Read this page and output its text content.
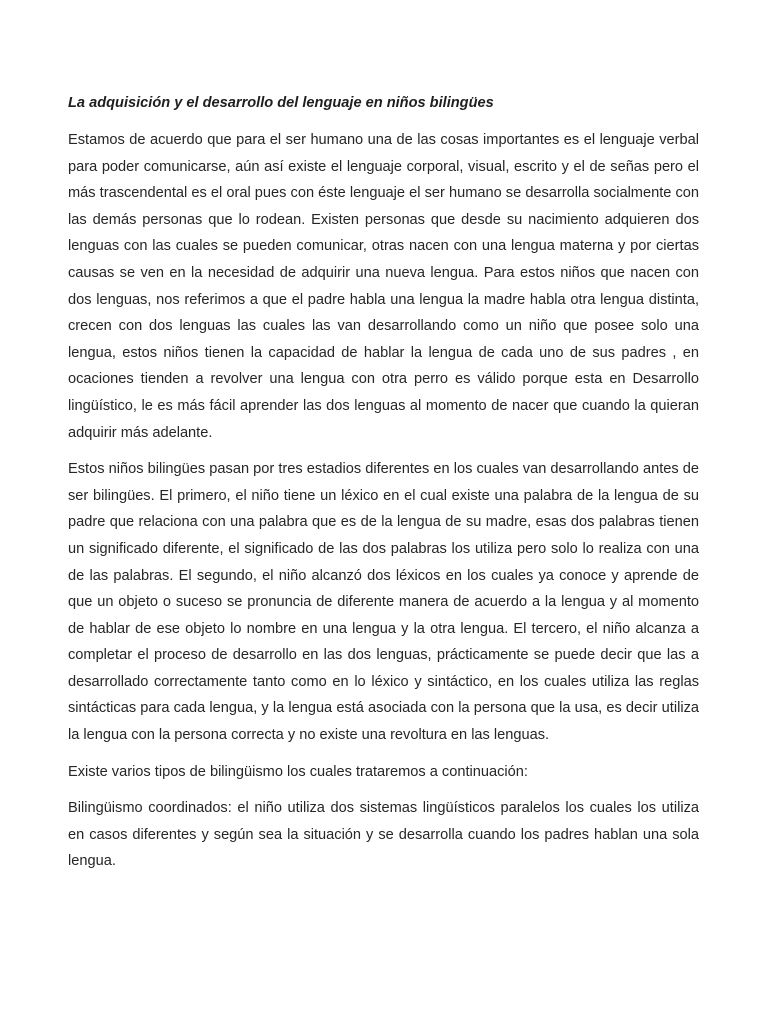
La adquisición y el desarrollo del lenguaje en niños bilingües

Estamos de acuerdo que para el ser humano una de las cosas importantes es el lenguaje verbal para poder comunicarse, aún así existe el lenguaje corporal, visual, escrito y el de señas pero el más trascendental es el oral pues con éste lenguaje el ser humano se desarrolla socialmente con las demás personas que lo rodean. Existen personas que desde su nacimiento adquieren dos lenguas con las cuales se pueden comunicar, otras nacen con una lengua materna y por ciertas causas se ven en la necesidad de adquirir una nueva lengua. Para estos niños que nacen con dos lenguas, nos referimos a que el padre habla una lengua la madre habla otra lengua distinta, crecen con dos lenguas las cuales las van desarrollando como un niño que posee solo una lengua, estos niños tienen la capacidad de hablar la lengua de cada uno de sus padres , en ocaciones tienden a revolver una lengua con otra perro es válido porque esta en Desarrollo lingüístico, le es más fácil aprender las dos lenguas al momento de nacer que cuando la quieran adquirir más adelante.

Estos niños bilingües pasan por tres estadios diferentes en los cuales van desarrollando antes de ser bilingües. El primero, el niño tiene un léxico en el cual existe una palabra de la lengua de su padre que relaciona con una palabra que es de la lengua de su madre, esas dos palabras tienen un significado diferente, el significado de las dos palabras los utiliza pero solo lo realiza con una de las palabras. El segundo, el niño alcanzó dos léxicos en los cuales ya conoce y aprende de que un objeto o suceso se pronuncia de diferente manera de acuerdo a la lengua y al momento de hablar de ese objeto lo nombre en una lengua y la otra lengua. El tercero, el niño alcanza a completar el proceso de desarrollo en las dos lenguas, prácticamente se puede decir que las a desarrollado correctamente tanto como en lo léxico y sintáctico, en los cuales utiliza las reglas sintácticas para cada lengua, y la lengua está asociada con la persona que la usa, es decir utiliza la lengua con la persona correcta y no existe una revoltura en las lenguas.

Existe varios tipos de bilingüismo los cuales trataremos a continuación:

Bilingüismo coordinados: el niño utiliza dos sistemas lingüísticos paralelos los cuales los utiliza en casos diferentes y según sea la situación y se desarrolla cuando los padres hablan una sola lengua.
